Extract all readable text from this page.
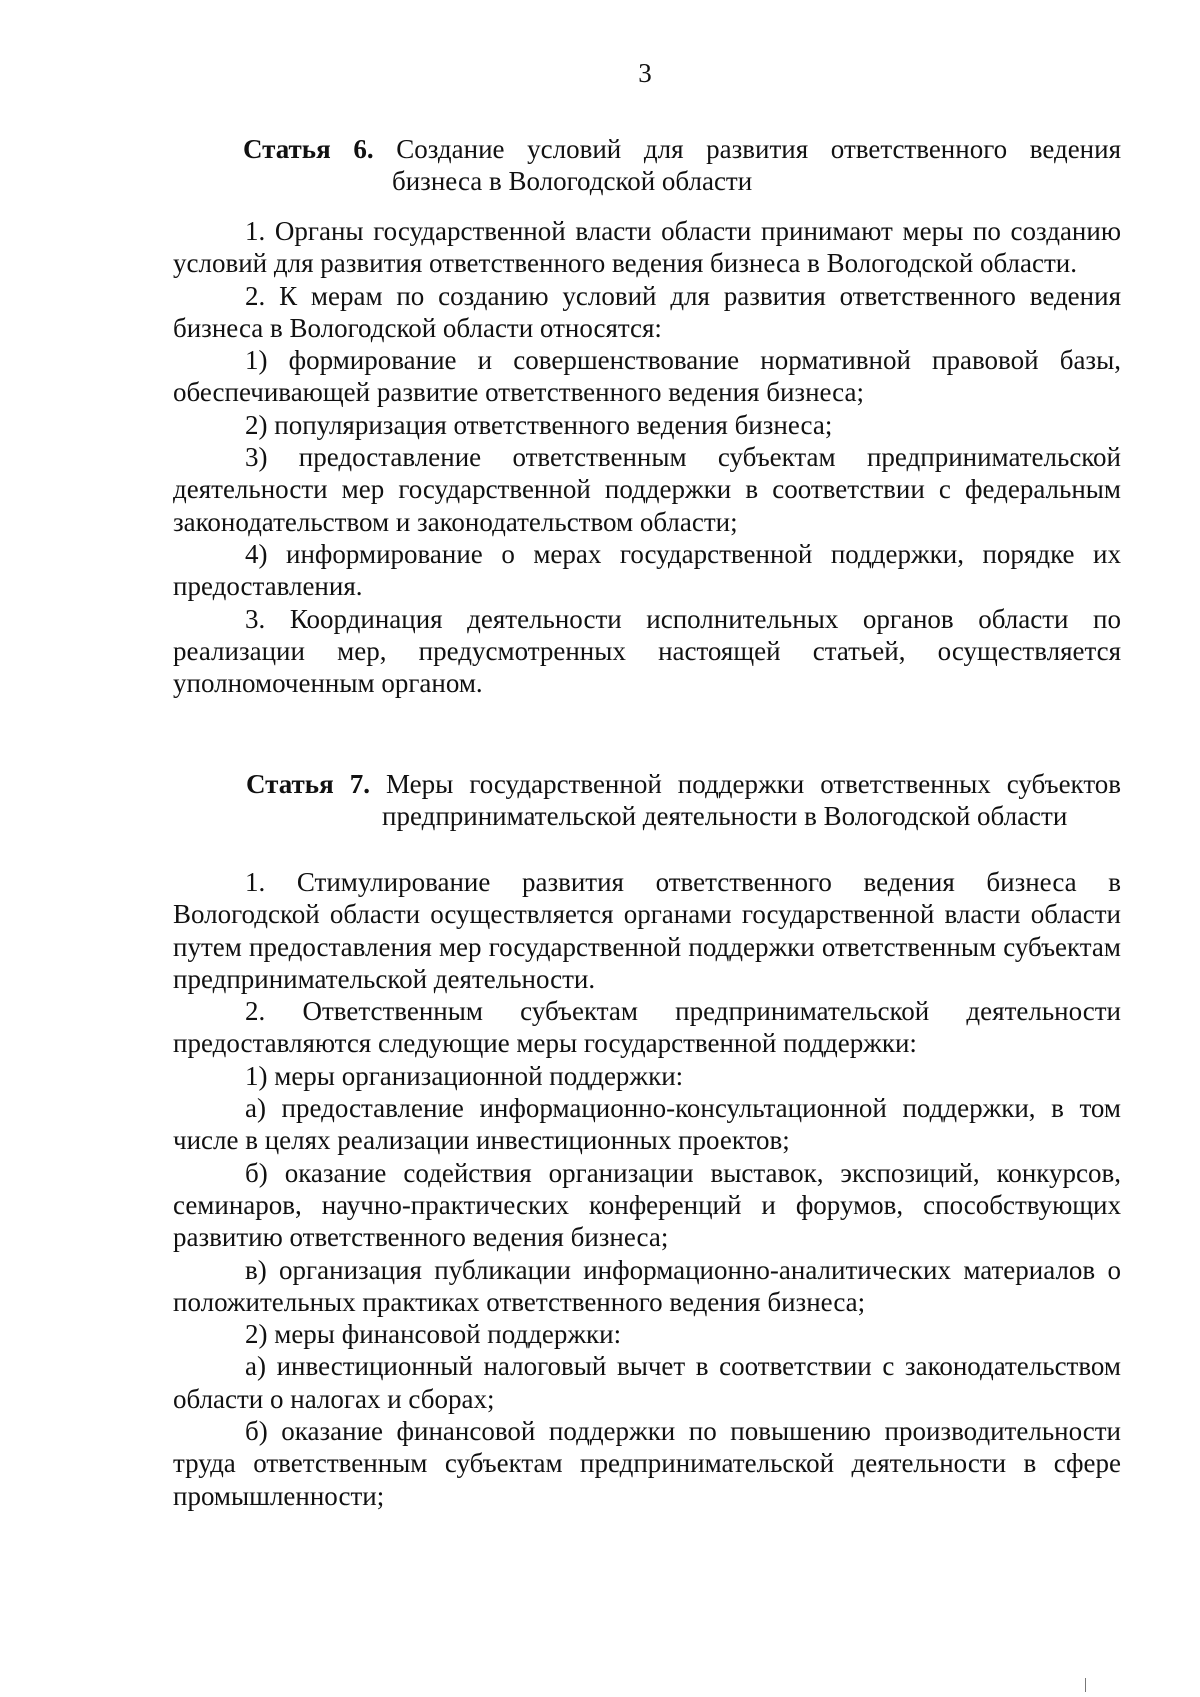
3
Статья 6. Создание условий для развития ответственного ведения
бизнеса в Вологодской области

1. Органы государственной власти области принимают меры по созданию условий для развития ответственного ведения бизнеса в Вологодской области.

2. К мерам по созданию условий для развития ответственного ведения бизнеса в Вологодской области относятся:

1) формирование и совершенствование нормативной правовой базы, обеспечивающей развитие ответственного ведения бизнеса;

2) популяризация ответственного ведения бизнеса;

3) предоставление ответственным субъектам предпринимательской деятельности мер государственной поддержки в соответствии с федеральным законодательством и законодательством области;

4) информирование о мерах государственной поддержки, порядке их предоставления.

3. Координация деятельности исполнительных органов области по реализации мер, предусмотренных настоящей статьей, осуществляется уполномоченным органом.

Статья 7. Меры государственной поддержки ответственных субъектов
предпринимательской деятельности в Вологодской области

1. Стимулирование развития ответственного ведения бизнеса в Вологодской области осуществляется органами государственной власти области путем предоставления мер государственной поддержки ответственным субъектам предпринимательской деятельности.

2. Ответственным субъектам предпринимательской деятельности предоставляются следующие меры государственной поддержки:

1) меры организационной поддержки:

а) предоставление информационно-консультационной поддержки, в том числе в целях реализации инвестиционных проектов;

б) оказание содействия организации выставок, экспозиций, конкурсов, семинаров, научно-практических конференций и форумов, способствующих развитию ответственного ведения бизнеса;

в) организация публикации информационно-аналитических материалов о положительных практиках ответственного ведения бизнеса;

2) меры финансовой поддержки:

а) инвестиционный налоговый вычет в соответствии с законодательством области о налогах и сборах;

б) оказание финансовой поддержки по повышению производительности труда ответственным субъектам предпринимательской деятельности в сфере промышленности;
